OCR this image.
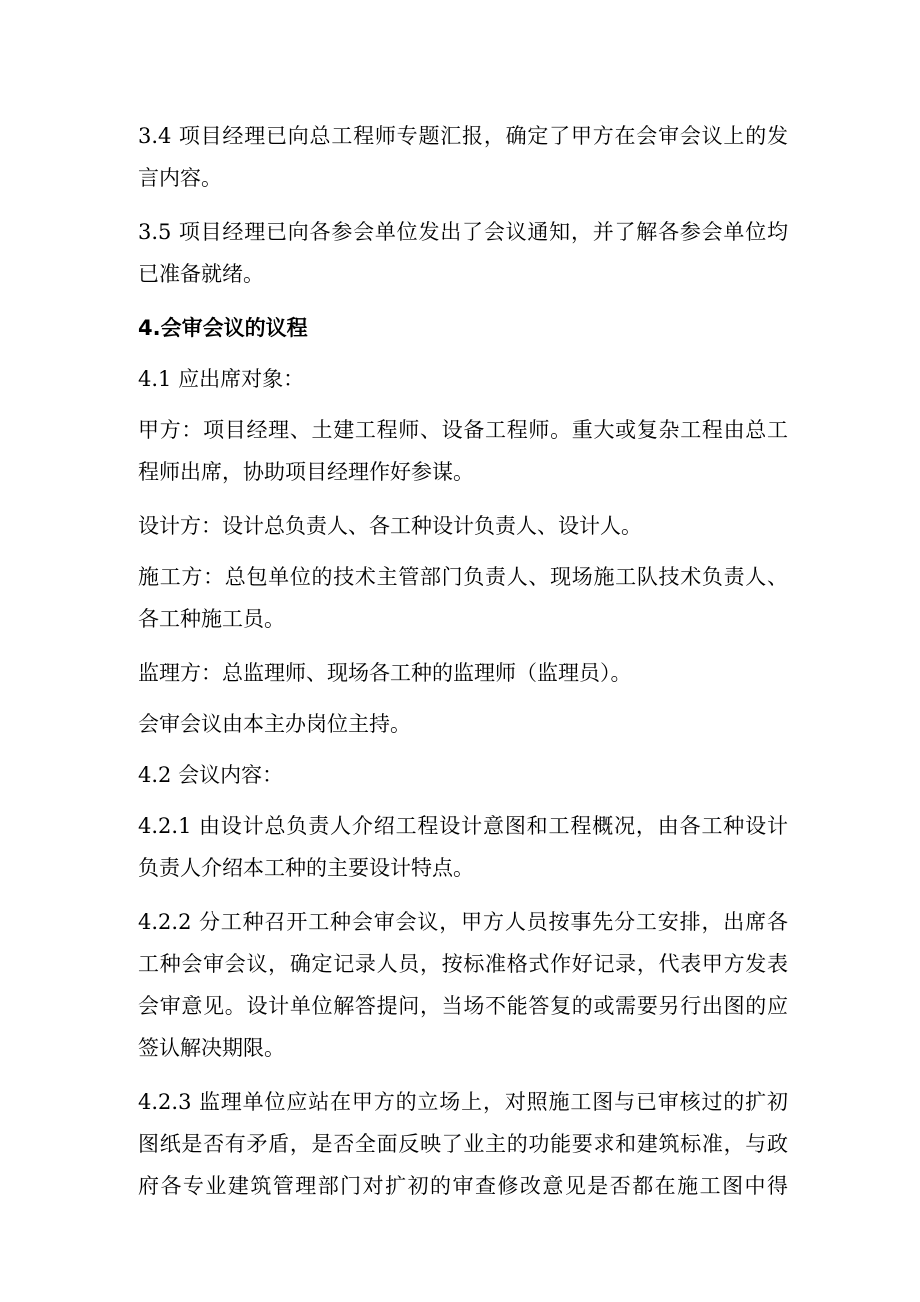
3.4 项目经理已向总工程师专题汇报，确定了甲方在会审会议上的发
言内容。
3.5 项目经理已向各参会单位发出了会议通知，并了解各参会单位均
已准备就绪。
4.会审会议的议程
4.1 应出席对象：
甲方：项目经理、土建工程师、设备工程师。重大或复杂工程由总工
程师出席，协助项目经理作好参谋。
设计方：设计总负责人、各工种设计负责人、设计人。
施工方：总包单位的技术主管部门负责人、现场施工队技术负责人、
各工种施工员。
监理方：总监理师、现场各工种的监理师（监理员）。
会审会议由本主办岗位主持。
4.2 会议内容：
4.2.1 由设计总负责人介绍工程设计意图和工程概况，由各工种设计
负责人介绍本工种的主要设计特点。
4.2.2 分工种召开工种会审会议，甲方人员按事先分工安排，出席各
工种会审会议，确定记录人员，按标准格式作好记录，代表甲方发表
会审意见。设计单位解答提问，当场不能答复的或需要另行出图的应
签认解决期限。
4.2.3 监理单位应站在甲方的立场上，对照施工图与已审核过的扩初
图纸是否有矛盾，是否全面反映了业主的功能要求和建筑标准，与政
府各专业建筑管理部门对扩初的审查修改意见是否都在施工图中得
